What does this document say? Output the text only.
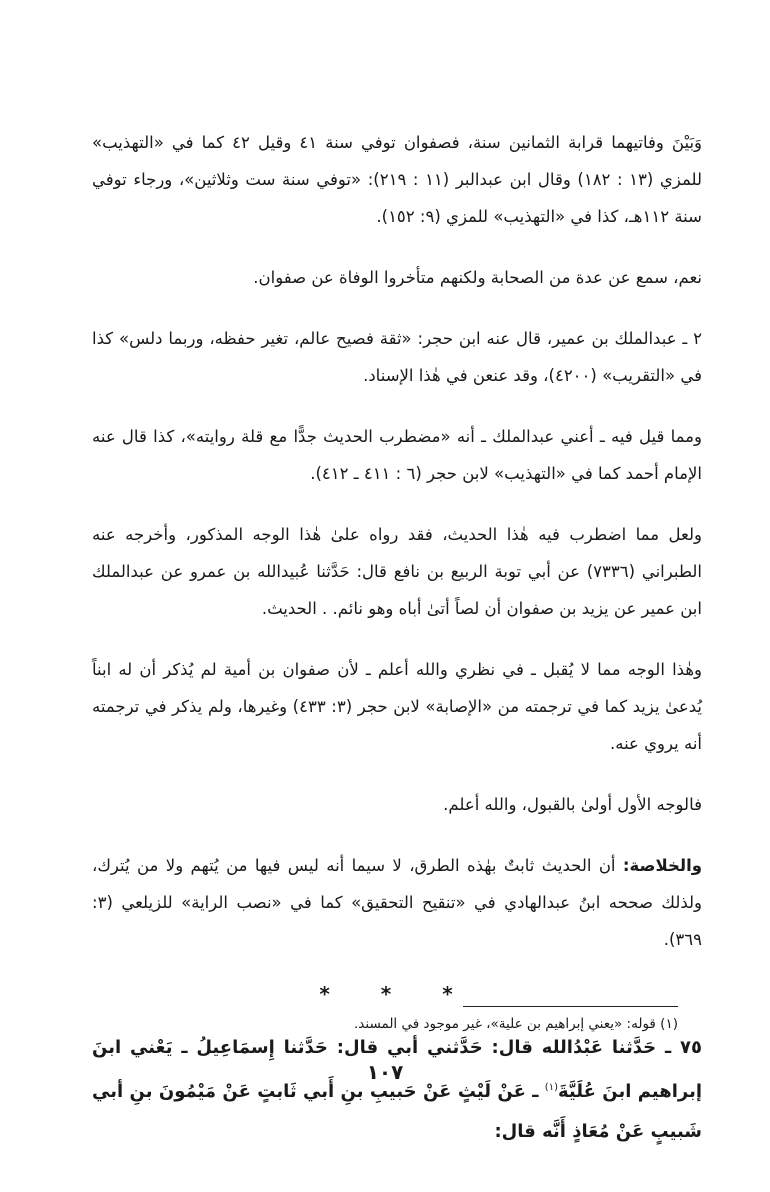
وَبَيْنَ وفاتيهما قرابة الثمانين سنة، فصفوان توفي سنة ٤١ وقيل ٤٢ كما في «التهذيب» للمزي (١٣ : ١٨٢) وقال ابن عبدالبر (١١ : ٢١٩): «توفي سنة ست وثلاثين»، ورجاء توفي سنة ١١٢هـ، كذا في «التهذيب» للمزي (٩: ١٥٢).

نعم، سمع عن عدة من الصحابة ولكنهم متأخروا الوفاة عن صفوان.

٢ ـ عبدالملك بن عمير، قال عنه ابن حجر: «ثقة فصيح عالم، تغير حفظه، وربما دلس» كذا في «التقريب» (٤٢٠٠)، وقد عنعن في هٰذا الإسناد.

ومما قيل فيه ـ أعني عبدالملك ـ أنه «مضطرب الحديث جدًّا مع قلة روايته»، كذا قال عنه الإمام أحمد كما في «التهذيب» لابن حجر (٦ : ٤١١ ـ ٤١٢).

ولعل مما اضطرب فيه هٰذا الحديث، فقد رواه علىٰ هٰذا الوجه المذكور، وأخرجه عنه الطبراني (٧٣٣٦) عن أبي توبة الربيع بن نافع قال: حَدَّثنا عُبيدالله بن عمرو عن عبدالملك ابن عمير عن يزيد بن صفوان أن لصاً أتىٰ أباه وهو نائم. . الحديث.

وهٰذا الوجه مما لا يُقبل ـ في نظري والله أعلم ـ لأن صفوان بن أمية لم يُذكر أن له ابناً يُدعىٰ يزيد كما في ترجمته من «الإصابة» لابن حجر (٣: ٤٣٣) وغيرها، ولم يذكر في ترجمته أنه يروي عنه.

فالوجه الأول أولىٰ بالقبول، والله أعلم.

والخلاصة: أن الحديث ثابتٌ بهٰذه الطرق، لا سيما أنه ليس فيها من يُتهم ولا من يُترك، ولذلك صححه ابنُ عبدالهادي في «تنقيح التحقيق» كما في «نصب الراية» للزيلعي (٣: ٣٦٩).

* * *

٧٥ ـ حَدَّثنا عَبْدُالله قال: حَدَّثني أبي قال: حَدَّثنا إِسمَاعِيلُ ـ يَعْني ابنَ إبراهيم ابنَ عُلَيَّةَ$^{(١)}$ ـ عَنْ لَيْثٍ عَنْ حَبيبِ بنِ أَبي ثَابتٍ عَنْ مَيْمُونَ بنِ أبي شَبيبٍ عَنْ مُعَاذٍ أَنَّه قال:

(١) قوله: «يعني إبراهيم بن علية»، غير موجود في المسند.
١٠٧
